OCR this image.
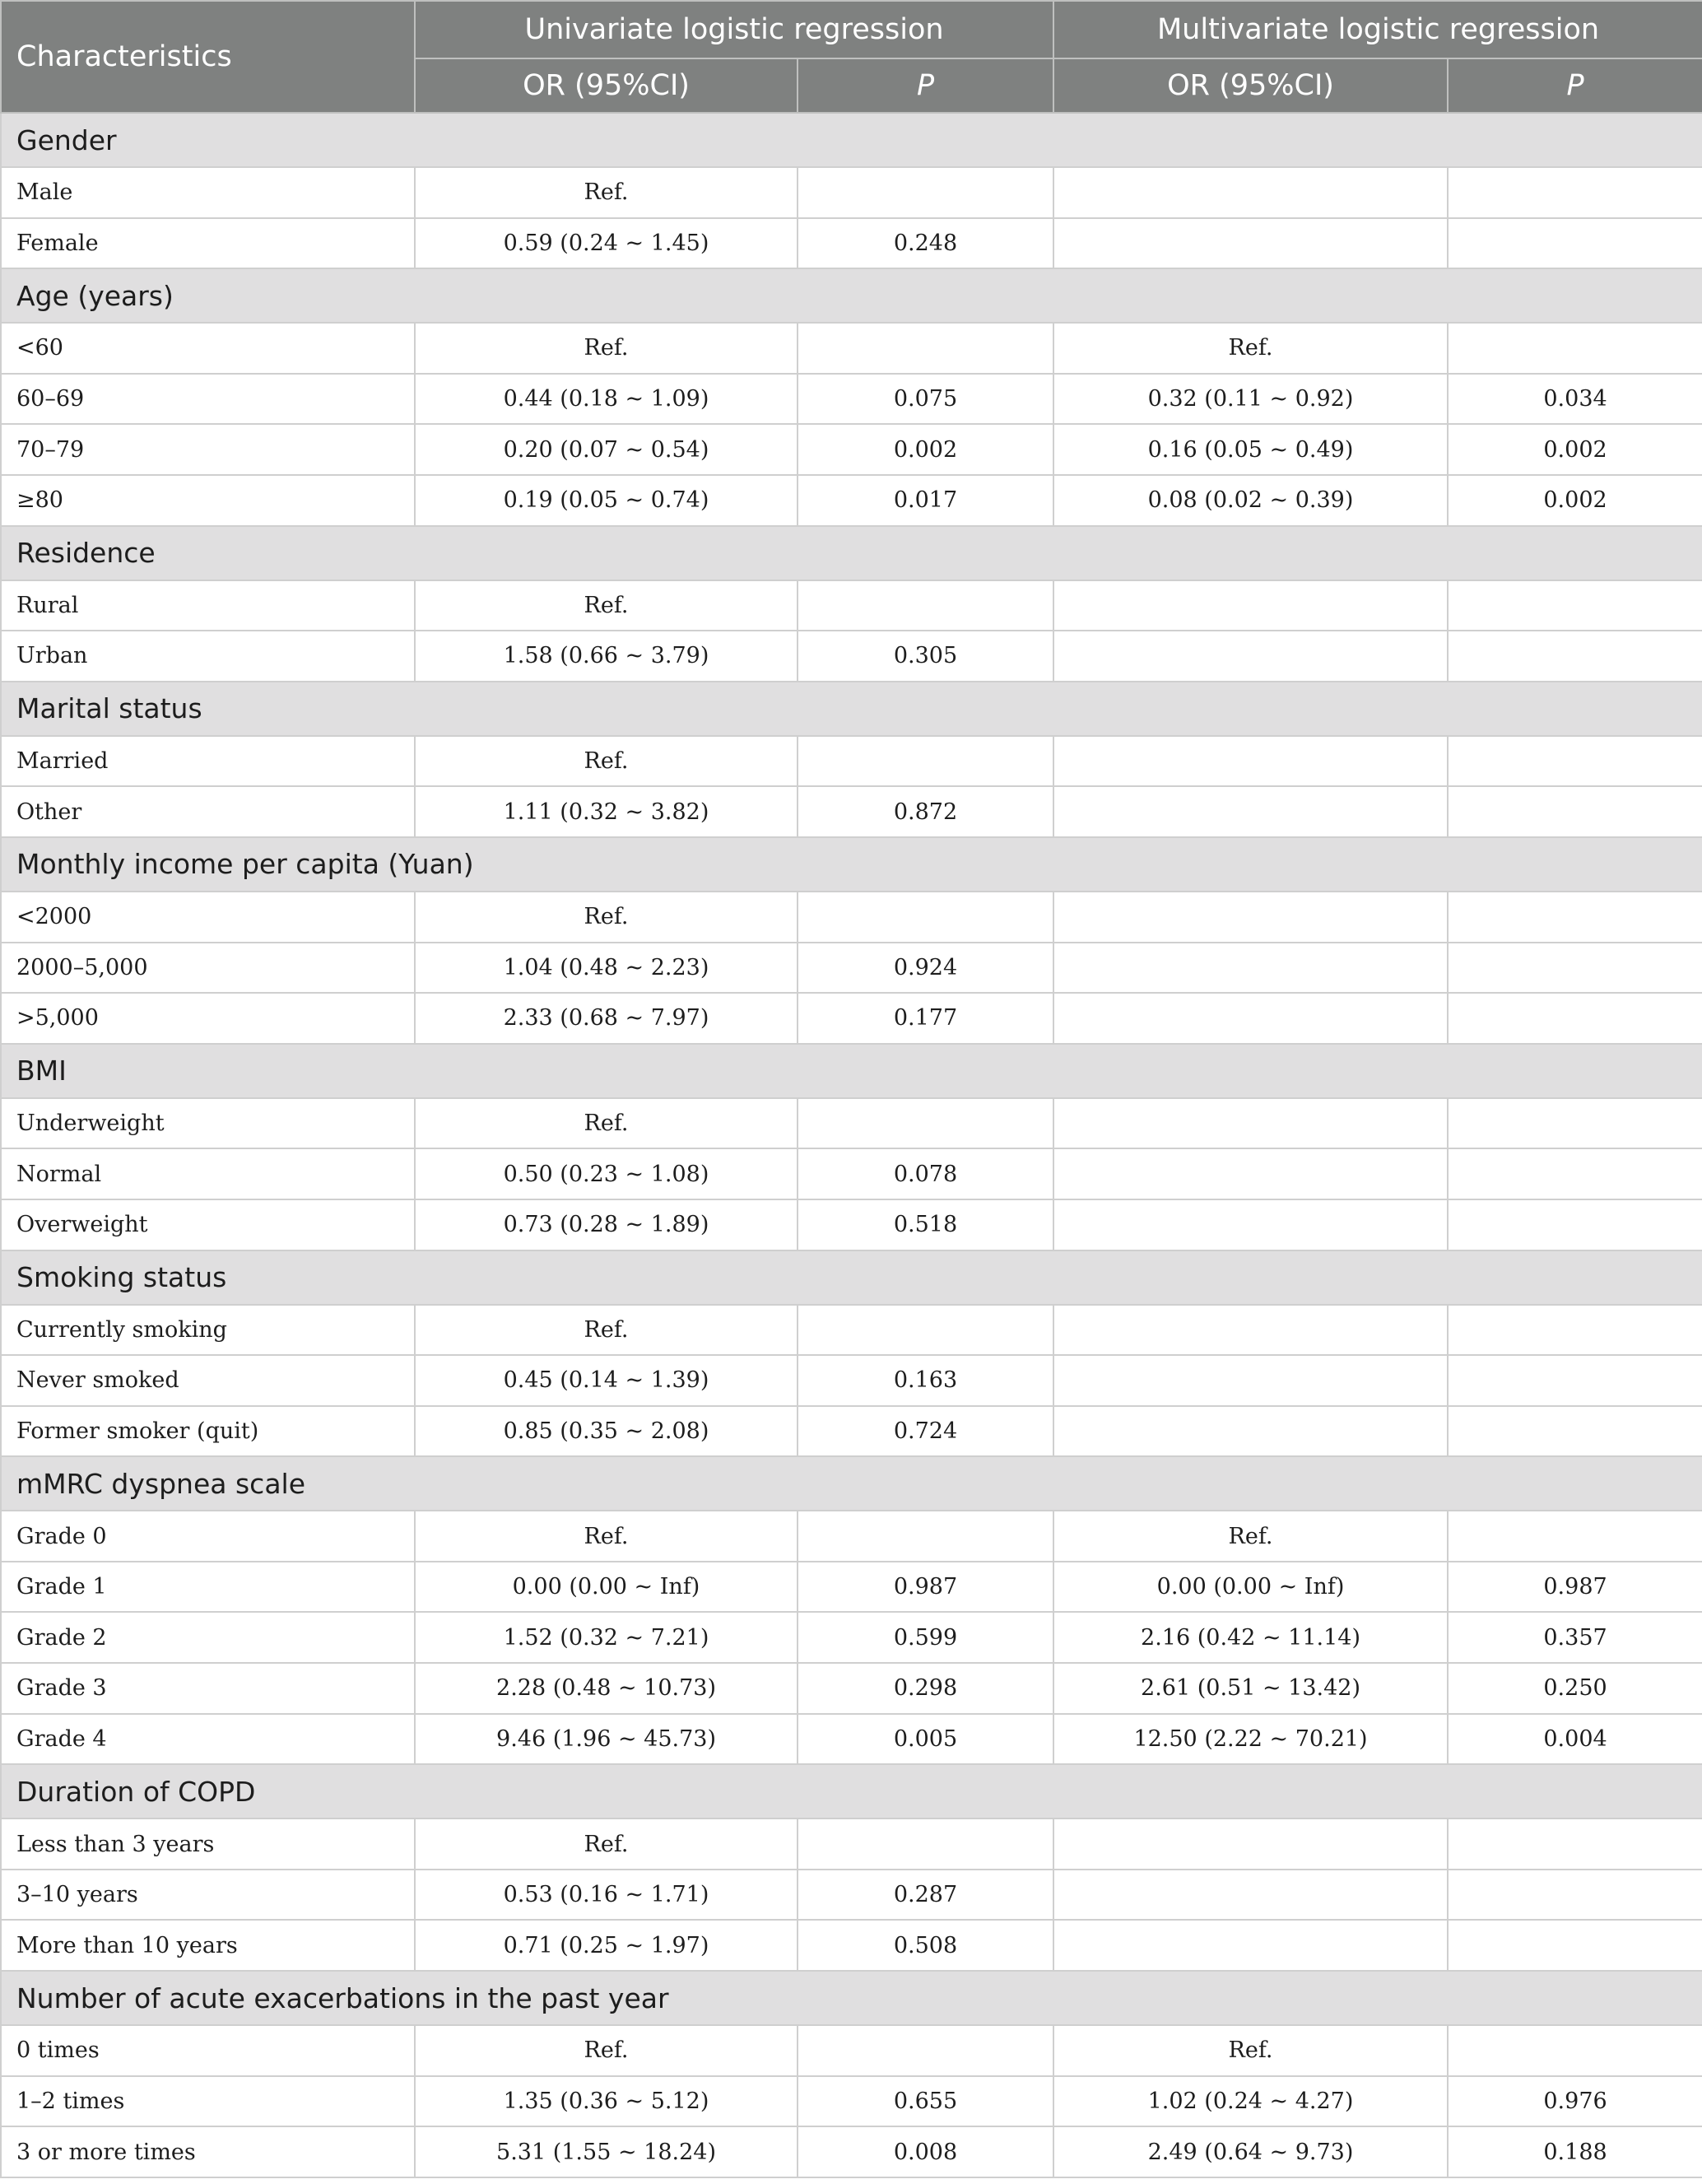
Characteristics	Univariate logistic regression		Multivariate logistic regression	
	OR (95%CI)	P	OR (95%CI)	P
Gender				
Male	Ref.			
Female	0.59 (0.24 ~ 1.45)	0.248		
Age (years)				
<60	Ref.		Ref.	
60–69	0.44 (0.18 ~ 1.09)	0.075	0.32 (0.11 ~ 0.92)	0.034
70–79	0.20 (0.07 ~ 0.54)	0.002	0.16 (0.05 ~ 0.49)	0.002
≥80	0.19 (0.05 ~ 0.74)	0.017	0.08 (0.02 ~ 0.39)	0.002
Residence				
Rural	Ref.			
Urban	1.58 (0.66 ~ 3.79)	0.305		
Marital status				
Married	Ref.			
Other	1.11 (0.32 ~ 3.82)	0.872		
Monthly income per capita (Yuan)				
<2000	Ref.			
2000–5,000	1.04 (0.48 ~ 2.23)	0.924		
>5,000	2.33 (0.68 ~ 7.97)	0.177		
BMI				
Underweight	Ref.			
Normal	0.50 (0.23 ~ 1.08)	0.078		
Overweight	0.73 (0.28 ~ 1.89)	0.518		
Smoking status				
Currently smoking	Ref.			
Never smoked	0.45 (0.14 ~ 1.39)	0.163		
Former smoker (quit)	0.85 (0.35 ~ 2.08)	0.724		
mMRC dyspnea scale				
Grade 0	Ref.		Ref.	
Grade 1	0.00 (0.00 ~ Inf)	0.987	0.00 (0.00 ~ Inf)	0.987
Grade 2	1.52 (0.32 ~ 7.21)	0.599	2.16 (0.42 ~ 11.14)	0.357
Grade 3	2.28 (0.48 ~ 10.73)	0.298	2.61 (0.51 ~ 13.42)	0.250
Grade 4	9.46 (1.96 ~ 45.73)	0.005	12.50 (2.22 ~ 70.21)	0.004
Duration of COPD				
Less than 3 years	Ref.			
3–10 years	0.53 (0.16 ~ 1.71)	0.287		
More than 10 years	0.71 (0.25 ~ 1.97)	0.508		
Number of acute exacerbations in the past year				
0 times	Ref.		Ref.	
1–2 times	1.35 (0.36 ~ 5.12)	0.655	1.02 (0.24 ~ 4.27)	0.976
3 or more times	5.31 (1.55 ~ 18.24)	0.008	2.49 (0.64 ~ 9.73)	0.188
